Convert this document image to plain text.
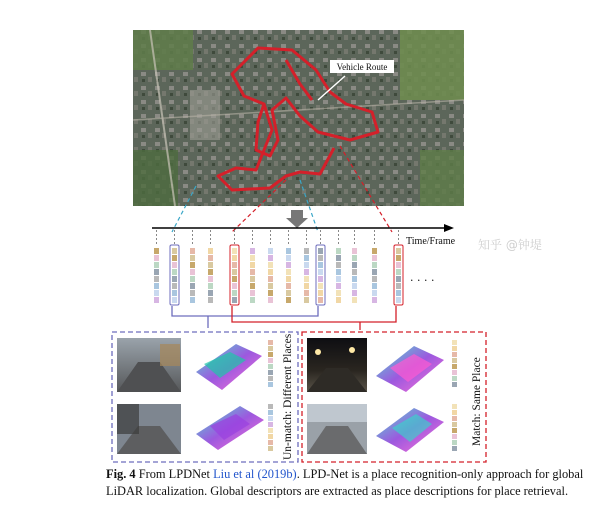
Vehicle Route
Time/Frame
· · · ·
Un-match: Different Places	Match: Same Place
知乎 @钟堤
Fig. 4 From LPDNet Liu et al (2019b). LPD-Net is a place recognition-only approach for global LiDAR localization. Global descriptors are extracted as place descriptions for place retrieval.
